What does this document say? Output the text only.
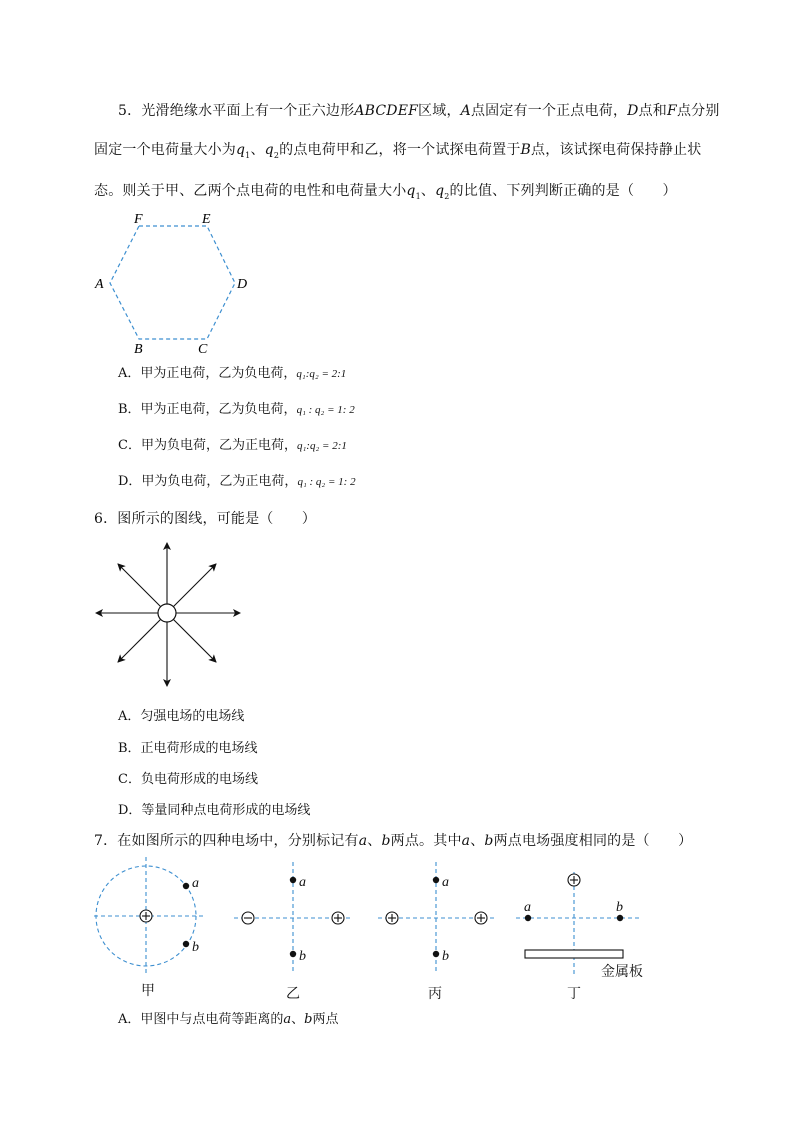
5．光滑绝缘水平面上有一个正六边形ABCDEF区域，A点固定有一个正点电荷，D点和F点分别
固定一个电荷量大小为$q_1$、$q_2$的点电荷甲和乙，将一个试探电荷置于B点，该试探电荷保持静止状
态。则关于甲、乙两个点电荷的电性和电荷量大小$q_1$、$q_2$的比值、下列判断正确的是（　　）
F	E
A	D
B	C
A．甲为正电荷，乙为负电荷，q₁:q₂ = 2:1
B．甲为正电荷，乙为负电荷，q₁ : q₂ = 1: 2
C．甲为负电荷，乙为正电荷，q₁:q₂ = 2:1
D．甲为负电荷，乙为正电荷，q₁ : q₂ = 1: 2
6．图所示的图线，可能是（　　）
A．匀强电场的电场线
B．正电荷形成的电场线
C．负电荷形成的电场线
D．等量同种点电荷形成的电场线
7．在如图所示的四种电场中，分别标记有a、b两点。其中a、b两点电场强度相同的是（　　）
a
b
a
b
a
b
a	b
甲	乙	丙	丁
金属板
A．甲图中与点电荷等距离的a、b两点
